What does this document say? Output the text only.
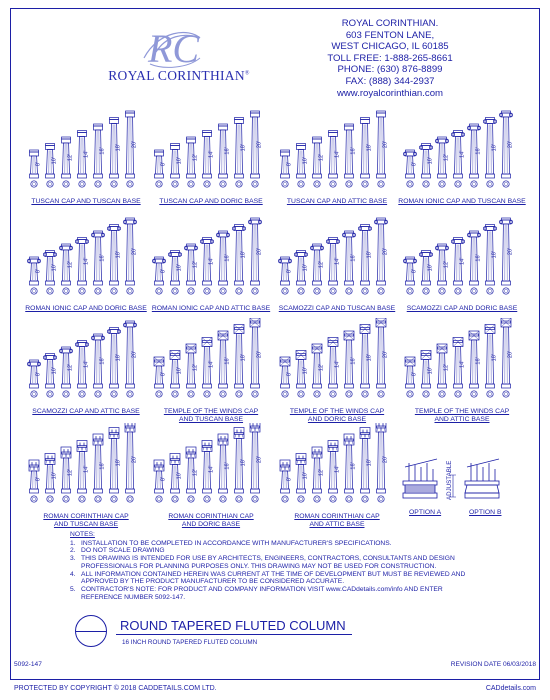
RC
ROYAL CORINTHIAN®
ROYAL CORINTHIAN.
603 FENTON LANE,
WEST CHICAGO, IL 60185
TOLL FREE: 1-888-265-8661
PHONE: (630) 876-8899
FAX: (888) 344-2937
www.royalcorinthian.com
8' 10' 12' 14' 16' 18' 20'
TUSCAN CAP AND TUSCAN BASE
8' 10' 12' 14' 16' 18' 20'
TUSCAN CAP AND DORIC BASE
8' 10' 12' 14' 16' 18' 20'
TUSCAN CAP AND ATTIC BASE
8' 10' 12' 14' 16' 18' 20'
ROMAN IONIC CAP AND TUSCAN BASE
8' 10' 12' 14' 16' 18' 20'
ROMAN IONIC CAP AND DORIC BASE
8' 10' 12' 14' 16' 18' 20'
ROMAN IONIC CAP AND ATTIC BASE
8' 10' 12' 14' 16' 18' 20'
SCAMOZZI CAP AND TUSCAN BASE
8' 10' 12' 14' 16' 18' 20'
SCAMOZZI CAP AND DORIC BASE
8' 10' 12' 14' 16' 18' 20'
SCAMOZZI CAP AND ATTIC BASE
8' 10' 12' 14' 16' 18' 20'
TEMPLE OF THE WINDS CAP
AND TUSCAN BASE
8' 10' 12' 14' 16' 18' 20'
TEMPLE OF THE WINDS CAP
AND DORIC BASE
8' 10' 12' 14' 16' 18' 20'
TEMPLE OF THE WINDS CAP
AND ATTIC BASE
8' 10' 12' 14' 16' 18' 20'
ROMAN CORINTHIAN CAP
AND TUSCAN BASE
8' 10' 12' 14' 16' 18' 20'
ROMAN CORINTHIAN CAP
AND DORIC BASE
8' 10' 12' 14' 16' 18' 20'
ROMAN CORINTHIAN CAP
AND ATTIC BASE
OPTION A	OPTION B
ADJUSTABLE
NOTES:
1. INSTALLATION TO BE COMPLETED IN ACCORDANCE WITH MANUFACTURER'S SPECIFICATIONS.
2. DO NOT SCALE DRAWING
3. THIS DRAWING IS INTENDED FOR USE BY ARCHITECTS, ENGINEERS, CONTRACTORS, CONSULTANTS AND DESIGN PROFESSIONALS FOR PLANNING PURPOSES ONLY. THIS DRAWING MAY NOT BE USED FOR CONSTRUCTION.
4. ALL INFORMATION CONTAINED HEREIN WAS CURRENT AT THE TIME OF DEVELOPMENT BUT MUST BE REVIEWED AND APPROVED BY THE PRODUCT MANUFACTURER TO BE CONSIDERED ACCURATE.
5. CONTRACTOR'S NOTE: FOR PRODUCT AND COMPANY INFORMATION VISIT www.CADdetails.com/info AND ENTER REFERENCE NUMBER 5092-147.
ROUND TAPERED FLUTED COLUMN
16 INCH ROUND TAPERED FLUTED COLUMN
5092-147	REVISION DATE 06/03/2018
PROTECTED BY COPYRIGHT © 2018 CADDETAILS.COM LTD.	CADdetails.com
